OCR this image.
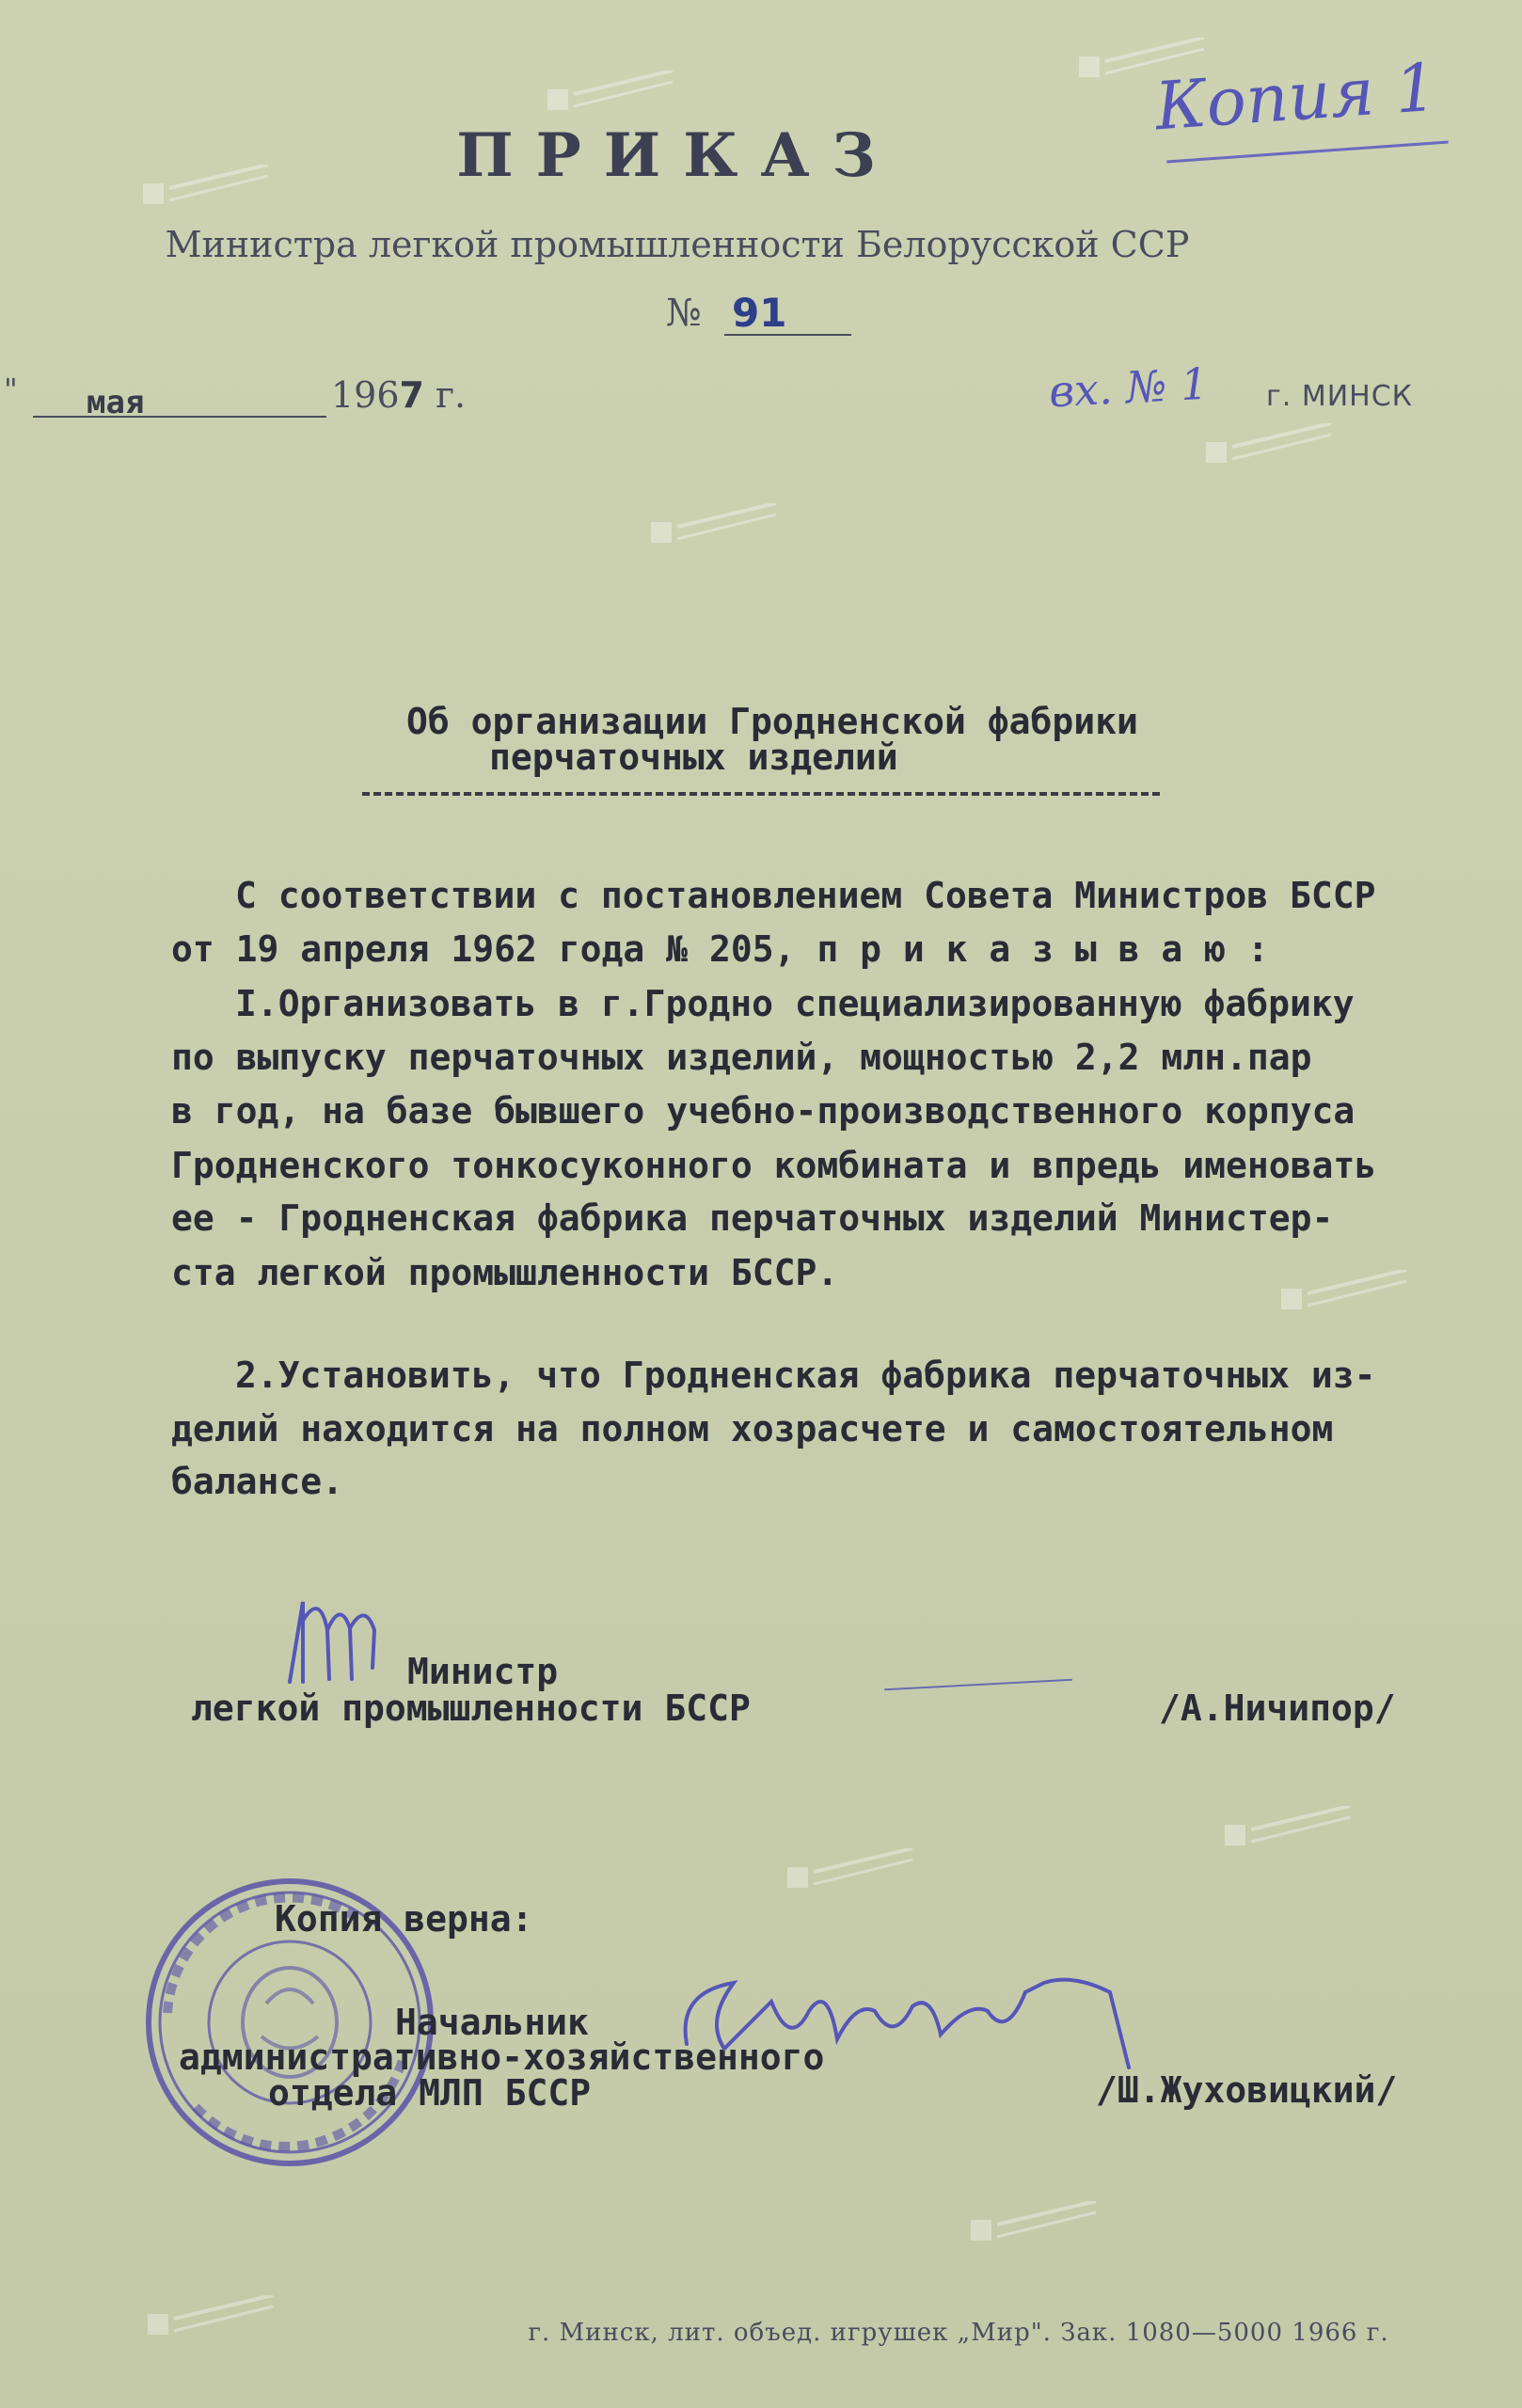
Копия 1
ПРИКАЗ
Министра легкой промышленности Белорусской ССР
№ 91
" мая	1967 г.	вх. № 1 г. МИНСК
Об организации Гродненской фабрики
перчаточных изделий
С соответствии с постановлением Совета Министров БССР
от 19 апреля 1962 года № 205, п р и к а з ы в а ю :
I.Организовать в г.Гродно специализированную фабрику
по выпуску перчаточных изделий, мощностью 2,2 млн.пар
в год, на базе бывшего учебно-производственного корпуса
Гродненского тонкосуконного комбината и впредь именовать
ее - Гродненская фабрика перчаточных изделий Министер-
ста легкой промышленности БССР.
2.Установить, что Гродненская фабрика перчаточных из-
делий находится на полном хозрасчете и самостоятельном
балансе.
Министр
легкой промышленности БССР	/А.Ничипор/
Копия верна:
Начальник
административно-хозяйственного
отдела МЛП БССР	/Ш.Жуховицкий/
г. Минск, лит. объед. игрушек „Мир". Зак. 1080—5000 1966 г.
